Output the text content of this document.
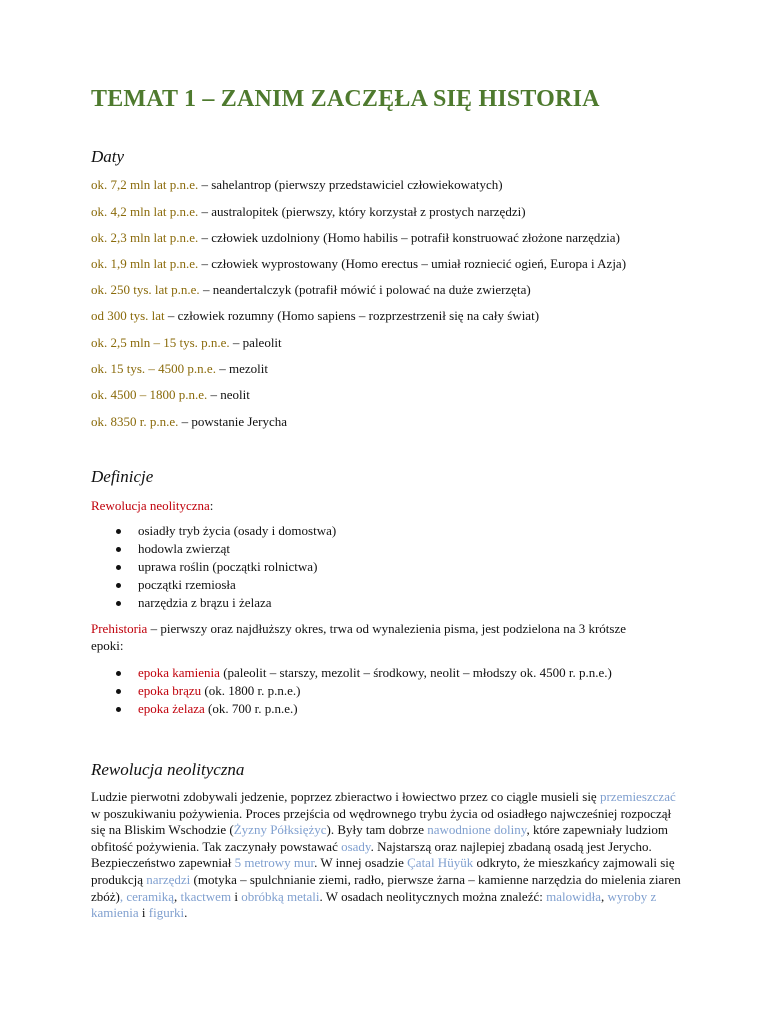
TEMAT 1 – ZANIM ZACZĘŁA SIĘ HISTORIA
Daty

ok. 7,2 mln lat p.n.e. – sahelantrop (pierwszy przedstawiciel człowiekowatych)

ok. 4,2 mln lat p.n.e. – australopitek (pierwszy, który korzystał z prostych narzędzi)

ok. 2,3 mln lat p.n.e. – człowiek uzdolniony (Homo habilis – potrafił konstruować złożone narzędzia)

ok. 1,9 mln lat p.n.e. – człowiek wyprostowany (Homo erectus – umiał rozniecić ogień, Europa i Azja)

ok. 250 tys. lat p.n.e. – neandertalczyk (potrafił mówić i polować na duże zwierzęta)

od 300 tys. lat – człowiek rozumny (Homo sapiens – rozprzestrzenił się na cały świat)

ok. 2,5 mln – 15 tys. p.n.e. – paleolit

ok. 15 tys. – 4500 p.n.e. – mezolit

ok. 4500 – 1800 p.n.e. – neolit

ok. 8350 r. p.n.e. – powstanie Jerycha

Definicje

Rewolucja neolityczna:

osiadły tryb życia (osady i domostwa)
hodowla zwierząt
uprawa roślin (początki rolnictwa)
początki rzemiosła
narzędzia z brązu i żelaza

Prehistoria – pierwszy oraz najdłuższy okres, trwa od wynalezienia pisma, jest podzielona na 3 krótsze

epoki:

epoka kamienia (paleolit – starszy, mezolit – środkowy, neolit – młodszy ok. 4500 r. p.n.e.)
epoka brązu (ok. 1800 r. p.n.e.)
epoka żelaza (ok. 700 r. p.n.e.)
Rewolucja neolityczna

Ludzie pierwotni zdobywali jedzenie, poprzez zbieractwo i łowiectwo przez co ciągle musieli się przemieszczać w poszukiwaniu pożywienia. Proces przejścia od wędrownego trybu życia od osiadłego najwcześniej rozpoczął się na Bliskim Wschodzie (Żyzny Półksiężyc). Były tam dobrze nawodnione doliny, które zapewniały ludziom obfitość pożywienia. Tak zaczynały powstawać osady. Najstarszą oraz najlepiej zbadaną osadą jest Jerycho. Bezpieczeństwo zapewniał 5 metrowy mur. W innej osadzie Çatal Hüyük odkryto, że mieszkańcy zajmowali się produkcją narzędzi (motyka – spulchnianie ziemi, radło, pierwsze żarna – kamienne narzędzia do mielenia ziaren zbóż), ceramiką, tkactwem i obróbką metali. W osadach neolitycznych można znaleźć: malowidła, wyroby z kamienia i figurki.
